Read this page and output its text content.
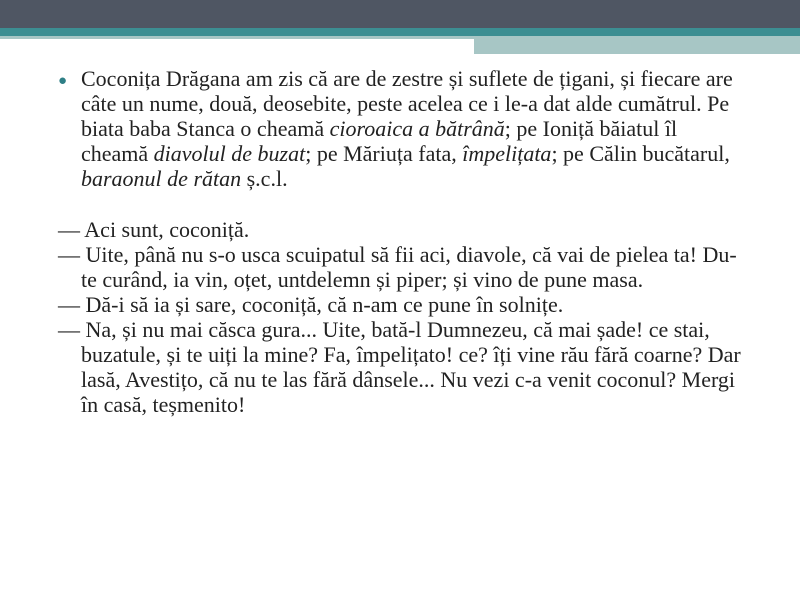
● Coconița Drăgana am zis că are de zestre și suflete de țigani, și fiecare are câte un nume, două, deosebite, peste acelea ce i le-a dat alde cumătrul. Pe biata baba Stanca o cheamă cioroaica a bătrână; pe Ioniță băiatul îl cheamă diavolul de buzat; pe Măriuța fata, împelițata; pe Călin bucătarul, baraonul de rătan ș.c.l.

— Aci sunt, coconiță.

— Uite, până nu s-o usca scuipatul să fii aci, diavole, că vai de pielea ta! Du-te curând, ia vin, oțet, untdelemn și piper; și vino de pune masa.

— Dă-i să ia și sare, coconiță, că n-am ce pune în solnițe.

— Na, și nu mai căsca gura... Uite, bată-l Dumnezeu, că mai șade! ce stai, buzatule, și te uiți la mine? Fa, împelițato! ce? îți vine rău fără coarne? Dar lasă, Avestițo, că nu te las fără dânsele... Nu vezi c-a venit coconul? Mergi în casă, teșmenito!
